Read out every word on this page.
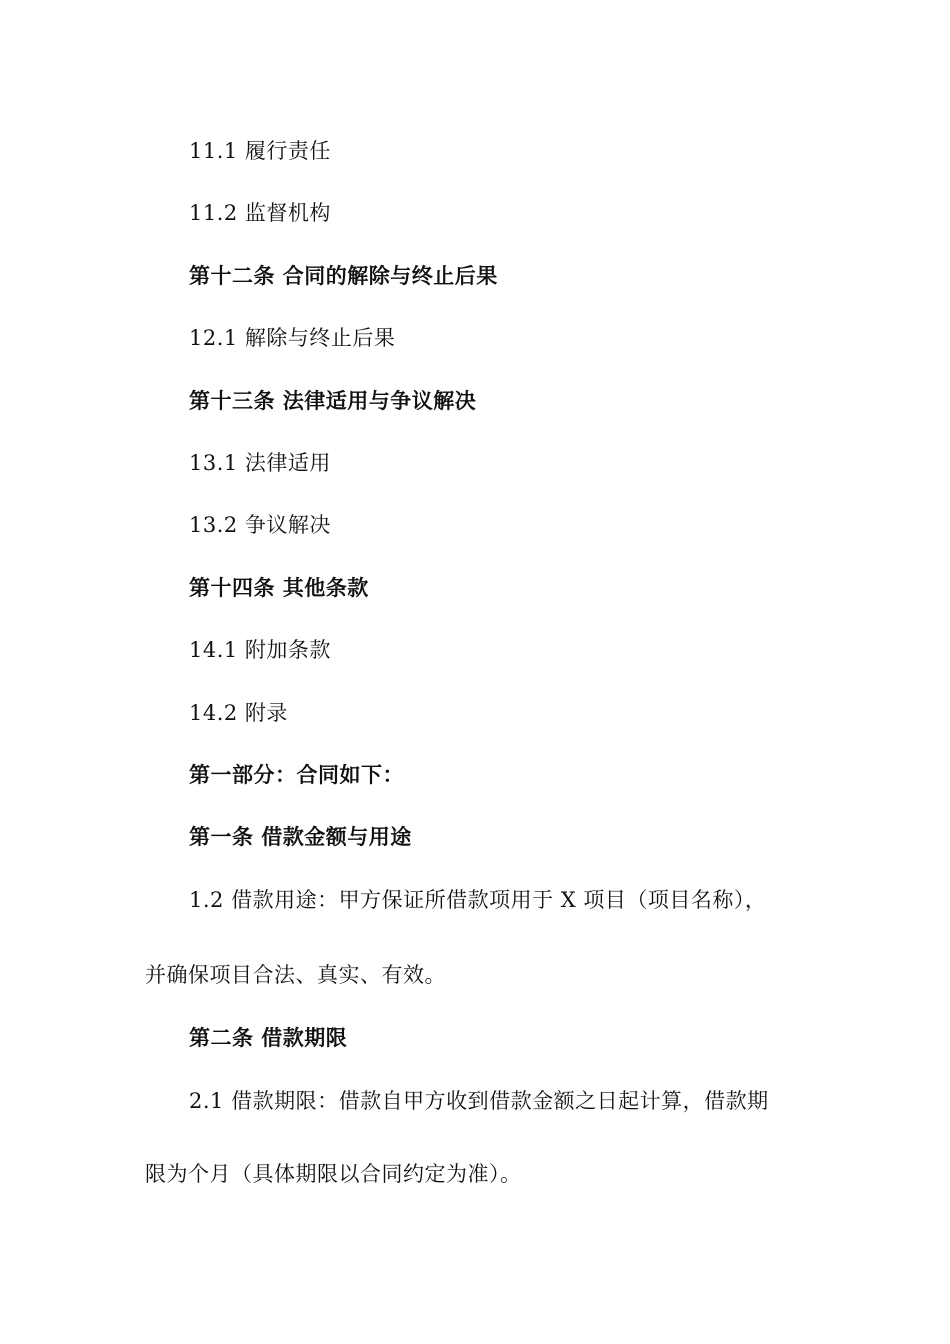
11.1 履行责任
11.2 监督机构
第十二条 合同的解除与终止后果
12.1 解除与终止后果
第十三条 法律适用与争议解决
13.1 法律适用
13.2 争议解决
第十四条 其他条款
14.1 附加条款
14.2 附录
第一部分：合同如下：
第一条 借款金额与用途
1.2 借款用途：甲方保证所借款项用于 X 项目（项目名称），
并确保项目合法、真实、有效。
第二条 借款期限
2.1 借款期限：借款自甲方收到借款金额之日起计算，借款期
限为个月（具体期限以合同约定为准）。
